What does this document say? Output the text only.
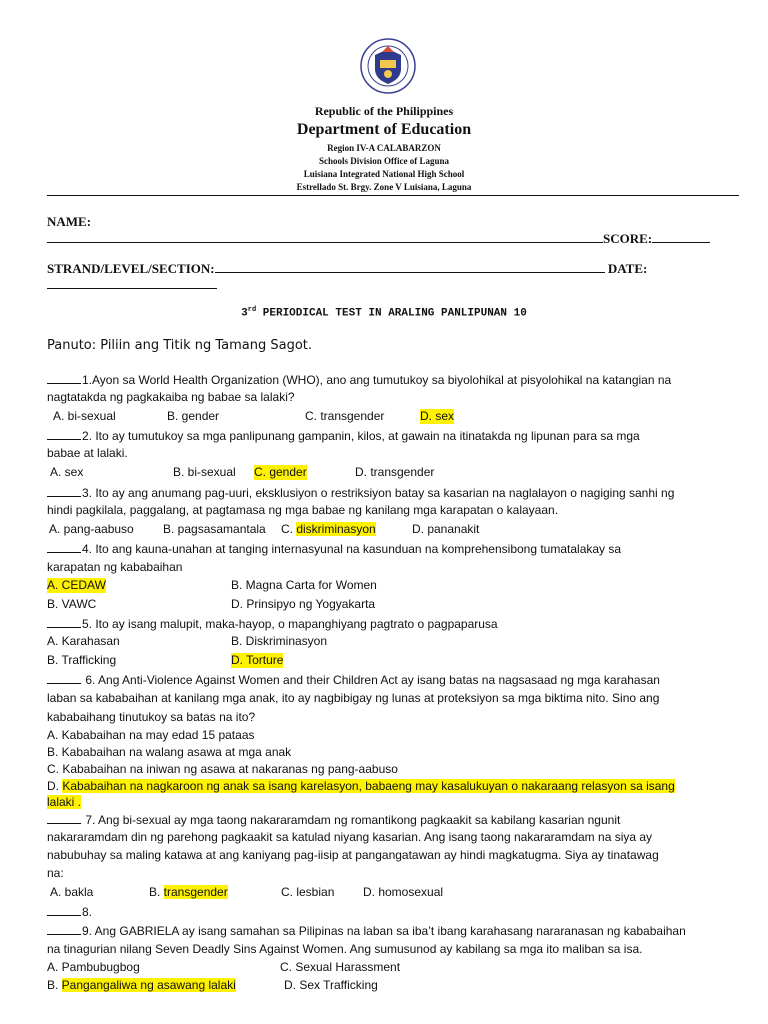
Republic of the Philippines
Department of Education
Region IV-A CALABARZON
Schools Division Office of Laguna
Luisiana Integrated National High School
Estrellado St. Brgy. Zone V Luisiana, Laguna
NAME:
SCORE:
STRAND/LEVEL/SECTION:	DATE:
3rd PERIODICAL TEST IN ARALING PANLIPUNAN 10
Panuto: Piliin ang Titik ng Tamang Sagot.
1.Ayon sa World Health Organization (WHO), ano ang tumutukoy sa biyolohikal at pisyolohikal na katangian na
nagtatakda ng pagkakaiba ng babae sa lalaki?
A. bi-sexual	B. gender	C. transgender	D. sex
2. Ito ay tumutukoy sa mga panlipunang gampanin, kilos, at gawain na itinatakda ng lipunan para sa mga
babae at lalaki.
A. sex	B. bi-sexual C. gender	D. transgender
3. Ito ay ang anumang pag-uuri, eksklusiyon o restriksiyon batay sa kasarian na naglalayon o nagiging sanhi ng
hindi pagkilala, paggalang, at pagtamasa ng mga babae ng kanilang mga karapatan o kalayaan.
A. pang-aabuso B. pagsasamantala C. diskriminasyon	D. pananakit
4. Ito ang kauna-unahan at tanging internasyunal na kasunduan na komprehensibong tumatalakay sa
karapatan ng kababaihan
A. CEDAW	B. Magna Carta for Women
B. VAWC	D. Prinsipyo ng Yogyakarta
5. Ito ay isang malupit, maka-hayop, o mapanghiyang pagtrato o pagpaparusa
A. Karahasan	B. Diskriminasyon
B. Trafficking	D. Torture
6. Ang Anti-Violence Against Women and their Children Act ay isang batas na nagsasaad ng mga karahasan
laban sa kababaihan at kanilang mga anak, ito ay nagbibigay ng lunas at proteksiyon sa mga biktima nito. Sino ang
kababaihang tinutukoy sa batas na ito?
A. Kababaihan na may edad 15 pataas
B. Kababaihan na walang asawa at mga anak
C. Kababaihan na iniwan ng asawa at nakaranas ng pang-aabuso
D. Kababaihan na nagkaroon ng anak sa isang karelasyon, babaeng may kasalukuyan o nakaraang relasyon sa isang
lalaki .
7. Ang bi-sexual ay mga taong nakararamdam ng romantikong pagkaakit sa kabilang kasarian ngunit
nakararamdam din ng parehong pagkaakit sa katulad niyang kasarian. Ang isang taong nakararamdam na siya ay
nabubuhay sa maling katawa at ang kaniyang pag-iisip at pangangatawan ay hindi magkatugma. Siya ay tinatawag
na:
A. bakla	B. transgender	C. lesbian D. homosexual
8.
9. Ang GABRIELA ay isang samahan sa Pilipinas na laban sa iba’t ibang karahasang nararanasan ng kababaihan
na tinagurian nilang Seven Deadly Sins Against Women. Ang sumusunod ay kabilang sa mga ito maliban sa isa.
A. Pambubugbog	C. Sexual Harassment
B. Pangangaliwa ng asawang lalaki	D. Sex Trafficking
